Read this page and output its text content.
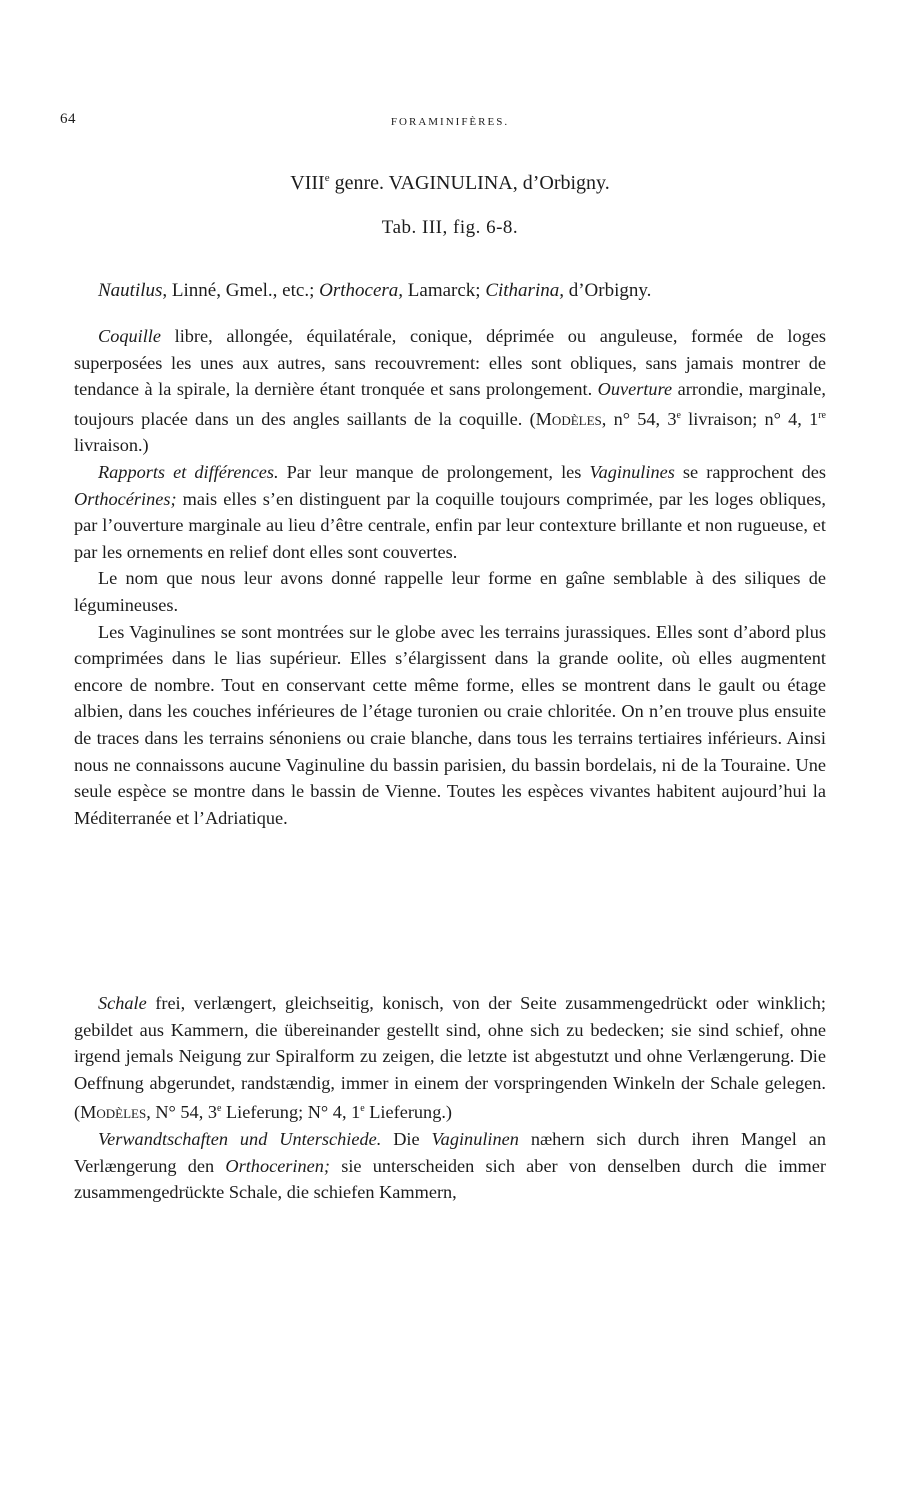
64	FORAMINIFÈRES.
VIIIe genre. VAGINULINA, d’Orbigny.
Tab. III, fig. 6-8.
Nautilus, Linné, Gmel., etc.; Orthocera, Lamarck; Citharina, d’Orbigny.

Coquille libre, allongée, équilatérale, conique, déprimée ou anguleuse, formée de loges superposées les unes aux autres, sans recouvrement: elles sont obliques, sans jamais montrer de tendance à la spirale, la dernière étant tronquée et sans prolongement. Ouverture arrondie, marginale, toujours placée dans un des angles saillants de la coquille. (Modèles, n° 54, 3e livraison; n° 4, 1re livraison.)

Rapports et différences. Par leur manque de prolongement, les Vaginulines se rapprochent des Orthocérines; mais elles s’en distinguent par la coquille toujours comprimée, par les loges obliques, par l’ouverture marginale au lieu d’être centrale, enfin par leur contexture brillante et non rugueuse, et par les ornements en relief dont elles sont couvertes.

Le nom que nous leur avons donné rappelle leur forme en gaîne semblable à des siliques de légumineuses.

Les Vaginulines se sont montrées sur le globe avec les terrains jurassiques. Elles sont d’abord plus comprimées dans le lias supérieur. Elles s’élargissent dans la grande oolite, où elles augmentent encore de nombre. Tout en conservant cette même forme, elles se montrent dans le gault ou étage albien, dans les couches inférieures de l’étage turonien ou craie chloritée. On n’en trouve plus ensuite de traces dans les terrains sénoniens ou craie blanche, dans tous les terrains tertiaires inférieurs. Ainsi nous ne connaissons aucune Vaginuline du bassin parisien, du bassin bordelais, ni de la Touraine. Une seule espèce se montre dans le bassin de Vienne. Toutes les espèces vivantes habitent aujourd’hui la Méditerranée et l’Adriatique.

Schale frei, verlængert, gleichseitig, konisch, von der Seite zusammengedrückt oder winklich; gebildet aus Kammern, die übereinander gestellt sind, ohne sich zu bedecken; sie sind schief, ohne irgend jemals Neigung zur Spiralform zu zeigen, die letzte ist abgestutzt und ohne Verlængerung. Die Oeffnung abgerundet, randstændig, immer in einem der vorspringenden Winkeln der Schale gelegen. (Modèles, N° 54, 3e Lieferung; N° 4, 1e Lieferung.)

Verwandtschaften und Unterschiede. Die Vaginulinen næhern sich durch ihren Mangel an Verlængerung den Orthocerinen; sie unterscheiden sich aber von denselben durch die immer zusammengedrückte Schale, die schiefen Kammern,
